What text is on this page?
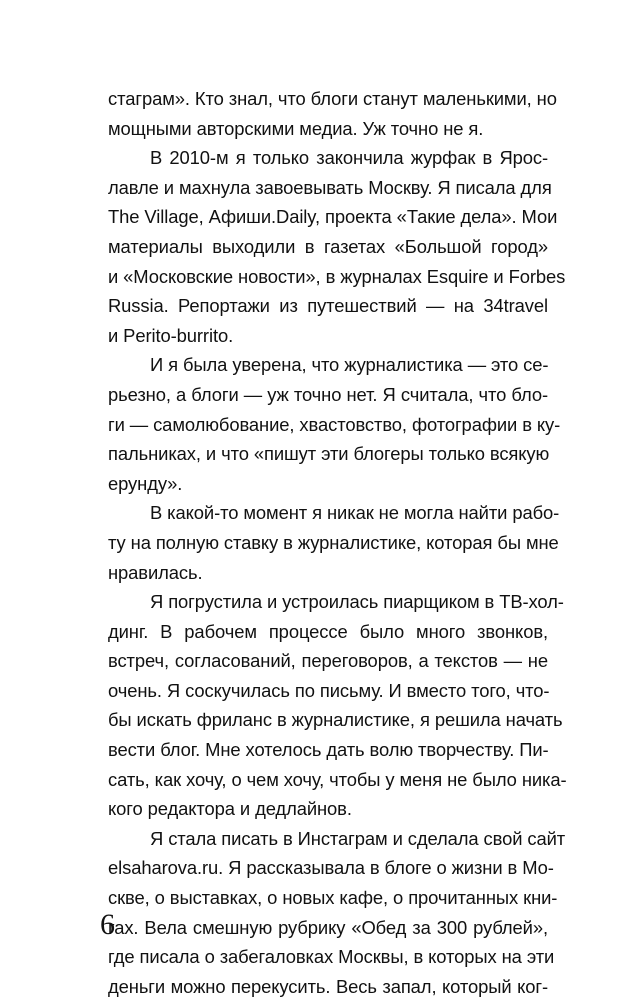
стаграм». Кто знал, что блоги станут маленькими, но
мощными авторскими медиа. Уж точно не я.
В 2010-м я только закончила журфак в Ярос-
лавле и махнула завоевывать Москву. Я писала для
The Village, Афиши.Daily, проекта «Такие дела». Мои
материалы выходили в газетах «Большой город»
и «Московские новости», в журналах Esquire и Forbes
Russia. Репортажи из путешествий — на 34travel
и Perito-burrito.
И я была уверена, что журналистика — это се-
рьезно, а блоги — уж точно нет. Я считала, что бло-
ги — самолюбование, хвастовство, фотографии в ку-
пальниках, и что «пишут эти блогеры только всякую
ерунду».
В какой-то момент я никак не могла найти рабо-
ту на полную ставку в журналистике, которая бы мне
нравилась.
Я погрустила и устроилась пиарщиком в ТВ-хол-
динг. В рабочем процессе было много звонков,
встреч, согласований, переговоров, а текстов — не
очень. Я соскучилась по письму. И вместо того, что-
бы искать фриланс в журналистике, я решила начать
вести блог. Мне хотелось дать волю творчеству. Пи-
сать, как хочу, о чем хочу, чтобы у меня не было ника-
кого редактора и дедлайнов.
Я стала писать в Инстаграм и сделала свой сайт
elsaharova.ru. Я рассказывала в блоге о жизни в Мо-
скве, о выставках, о новых кафе, о прочитанных кни-
гах. Вела смешную рубрику «Обед за 300 рублей»,
где писала о забегаловках Москвы, в которых на эти
деньги можно перекусить. Весь запал, который ког-
6
